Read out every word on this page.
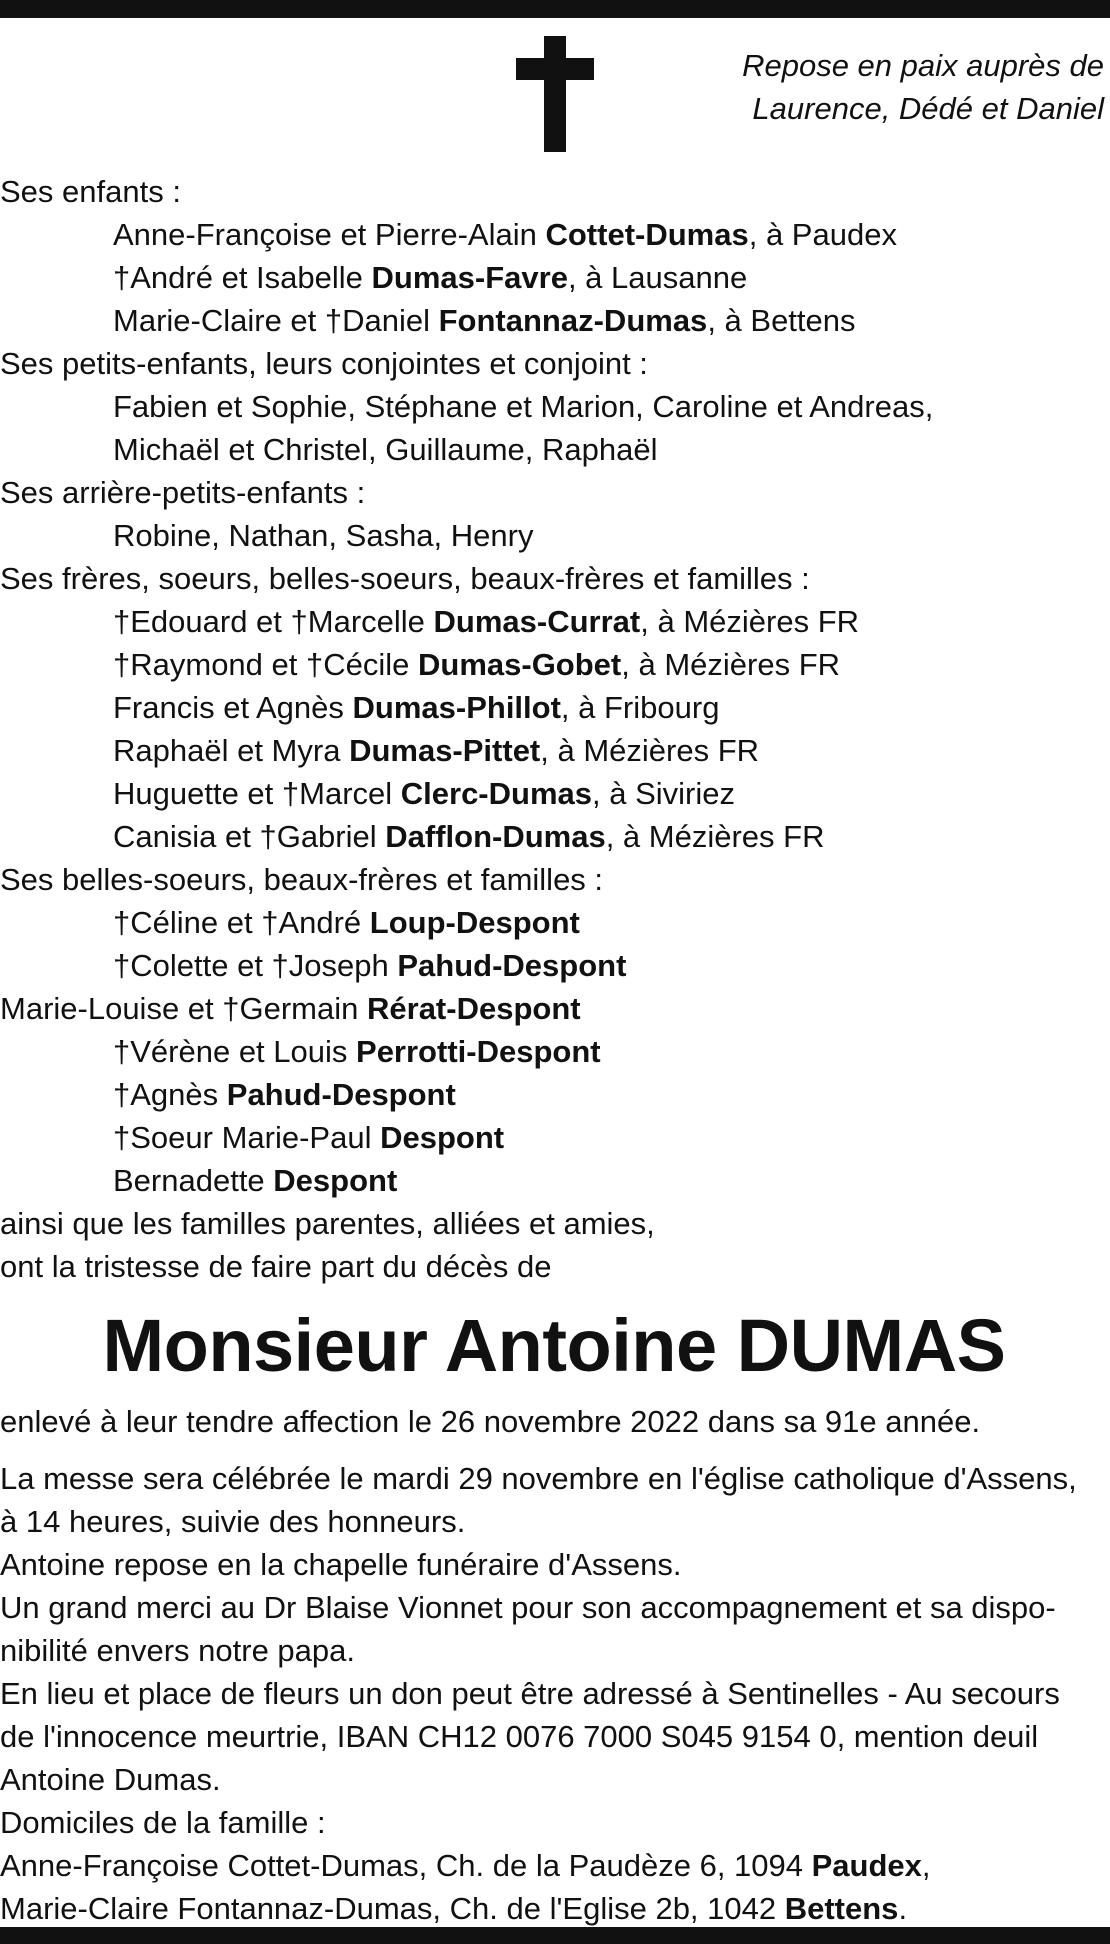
Repose en paix auprès de
Laurence, Dédé et Daniel
Ses enfants :
Anne-Françoise et Pierre-Alain Cottet-Dumas, à Paudex
†André et Isabelle Dumas-Favre, à Lausanne
Marie-Claire et †Daniel Fontannaz-Dumas, à Bettens
Ses petits-enfants, leurs conjointes et conjoint :
Fabien et Sophie, Stéphane et Marion, Caroline et Andreas,
Michaël et Christel, Guillaume, Raphaël
Ses arrière-petits-enfants :
Robine, Nathan, Sasha, Henry
Ses frères, soeurs, belles-soeurs, beaux-frères et familles :
†Edouard et †Marcelle Dumas-Currat, à Mézières FR
†Raymond et †Cécile Dumas-Gobet, à Mézières FR
Francis et Agnès Dumas-Phillot, à Fribourg
Raphaël et Myra Dumas-Pittet, à Mézières FR
Huguette et †Marcel Clerc-Dumas, à Siviriez
Canisia et †Gabriel Dafflon-Dumas, à Mézières FR
Ses belles-soeurs, beaux-frères et familles :
†Céline et †André Loup-Despont
†Colette et †Joseph Pahud-Despont
Marie-Louise et †Germain Rérat-Despont
†Vérène et Louis Perrotti-Despont
†Agnès Pahud-Despont
†Soeur Marie-Paul Despont
Bernadette Despont
ainsi que les familles parentes, alliées et amies,
ont la tristesse de faire part du décès de
Monsieur Antoine DUMAS
enlevé à leur tendre affection le 26 novembre 2022 dans sa 91e année.
La messe sera célébrée le mardi 29 novembre en l'église catholique d'Assens,
à 14 heures, suivie des honneurs.
Antoine repose en la chapelle funéraire d'Assens.
Un grand merci au Dr Blaise Vionnet pour son accompagnement et sa dispo-
nibilité envers notre papa.
En lieu et place de fleurs un don peut être adressé à Sentinelles - Au secours
de l'innocence meurtrie, IBAN CH12 0076 7000 S045 9154 0, mention deuil
Antoine Dumas.
Domiciles de la famille :
Anne-Françoise Cottet-Dumas, Ch. de la Paudèze 6, 1094 Paudex,
Marie-Claire Fontannaz-Dumas, Ch. de l'Eglise 2b, 1042 Bettens.
